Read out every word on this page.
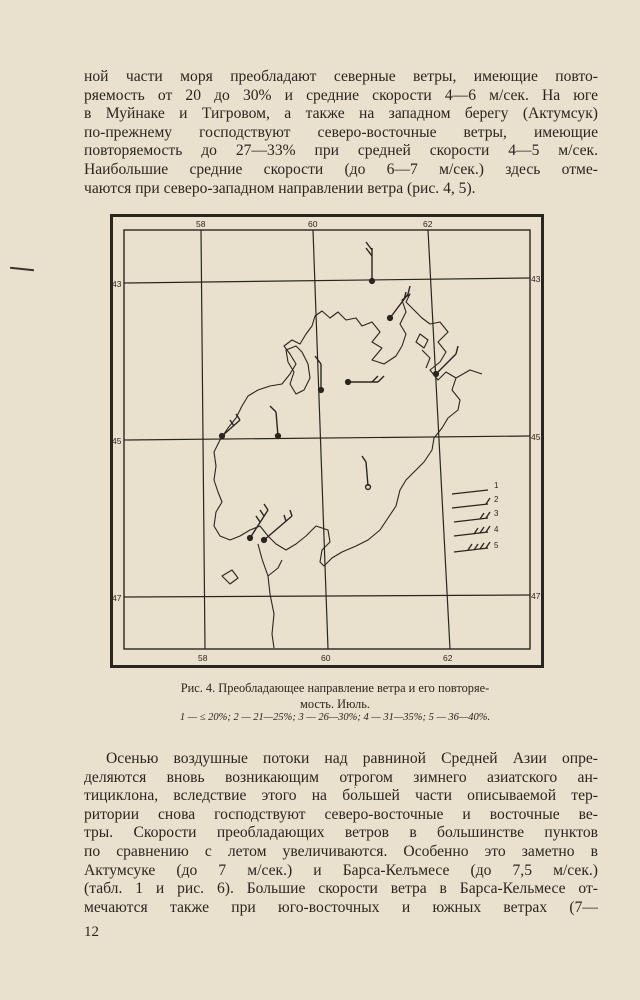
ной части моря преобладают северные ветры, имеющие повто-
ряемость от 20 до 30% и средние скорости 4—6 м/сек. На юге
в Муйнаке и Тигровом, а также на западном берегу (Актумсук)
по-прежнему господствуют северо-восточные ветры, имеющие
повторяемость до 27—33% при средней скорости 4—5 м/сек.
Наибольшие средние скорости (до 6—7 м/сек.) здесь отме-
чаются при северо-западном направлении ветра (рис. 4, 5).
58	60	62
58	60	62
43
45
47
43
45
47
1
2
3
4
5

Рис. 4. Преобладающее направление ветра и его повторяе-

мость. Июль.

1 — ≤ 20%; 2 — 21—25%; 3 — 26—30%; 4 — 31—35%; 5 — 36—40%.

Осенью воздушные потоки над равниной Средней Азии опре-
деляются вновь возникающим отрогом зимнего азиатского ан-
тициклона, вследствие этого на бо́льшей части описываемой тер-
ритории снова господствуют северо-восточные и восточные ве-
тры. Скорости преобладающих ветров в большинстве пунктов
по сравнению с летом увеличиваются. Особенно это заметно в
Актумсуке (до 7 м/сек.) и Барса-Келъмесе (до 7,5 м/сек.)
(табл. 1 и рис. 6). Большие скорости ветра в Барса-Кельмесе от-
мечаются также при юго-восточных и южных ветрах (7—
12
